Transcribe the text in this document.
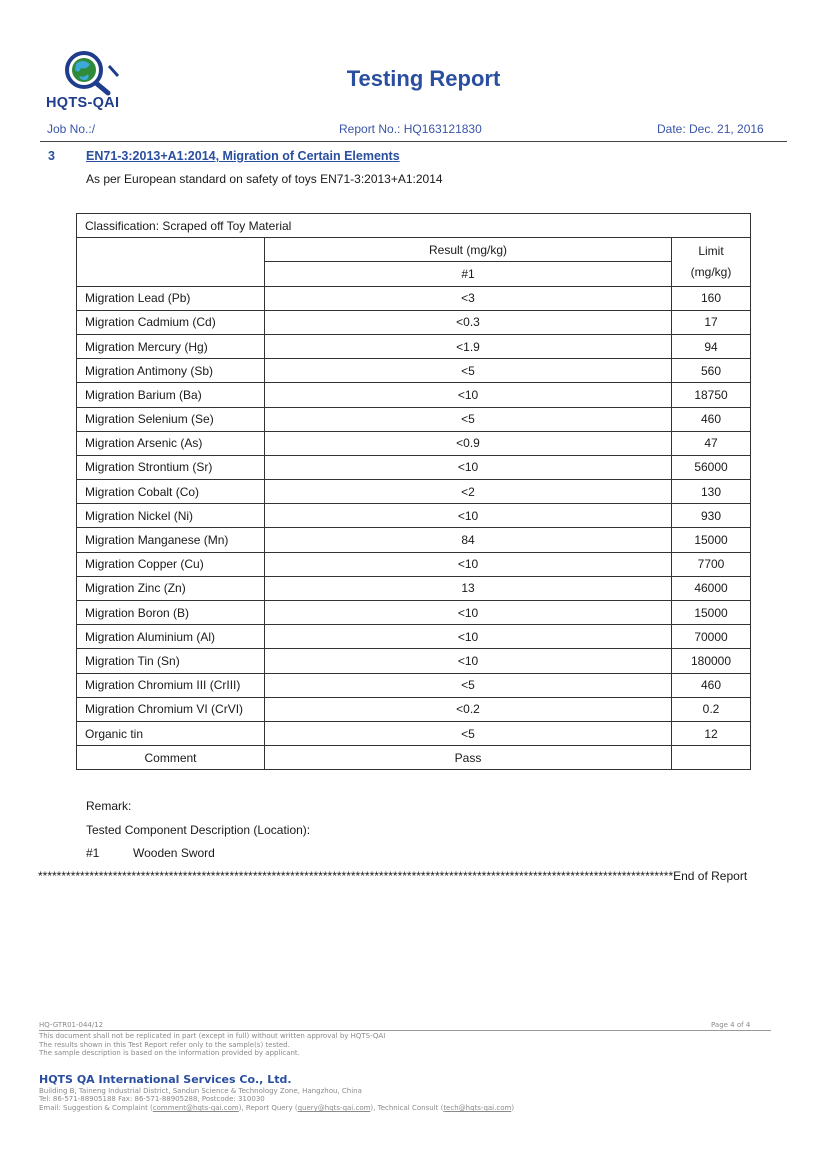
HQTS-QAI
Testing Report
Job No.:/	Report No.: HQ163121830	Date: Dec. 21, 2016
3 EN71-3:2013+A1:2014, Migration of Certain Elements
As per European standard on safety of toys EN71-3:2013+A1:2014
Classification: Scraped off Toy Material		
	Result (mg/kg)	Limit
(mg/kg)
	#1	
Migration Lead (Pb)	<3	160
Migration Cadmium (Cd)	<0.3	17
Migration Mercury (Hg)	<1.9	94
Migration Antimony (Sb)	<5	560
Migration Barium (Ba)	<10	18750
Migration Selenium (Se)	<5	460
Migration Arsenic (As)	<0.9	47
Migration Strontium (Sr)	<10	56000
Migration Cobalt (Co)	<2	130
Migration Nickel (Ni)	<10	930
Migration Manganese (Mn)	84	15000
Migration Copper (Cu)	<10	7700
Migration Zinc (Zn)	13	46000
Migration Boron (B)	<10	15000
Migration Aluminium (Al)	<10	70000
Migration Tin (Sn)	<10	180000
Migration Chromium III (CrIII)	<5	460
Migration Chromium VI (CrVI)	<0.2	0.2
Organic tin	<5	12
Comment	Pass	
Remark:
Tested Component Description (Location):
#1	Wooden Sword
****************************************************************************************************************************************End of Report
HQ-GTR01-044/12	Page 4 of 4
This document shall not be replicated in part (except in full) without written approval by HQTS-QAI
The results shown in this Test Report refer only to the sample(s) tested.
The sample description is based on the information provided by applicant.
HQTS QA International Services Co., Ltd.
Building B, Taineng Industrial District, Sandun Science & Technology Zone, Hangzhou, China
Tel: 86-571-88905188 Fax: 86-571-88905288, Postcode: 310030
Email: Suggestion & Complaint (comment@hqts-qai.com), Report Query (query@hqts-qai.com), Technical Consult (tech@hqts-qai.com)
